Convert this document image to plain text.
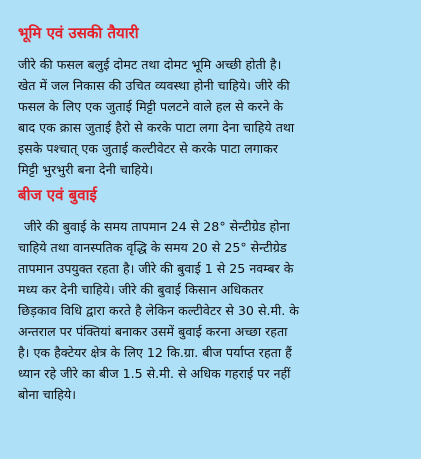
भूमि एवं उसकी तैयारी

जीरे की फसल बलुई दोमट तथा दोमट भूमि अच्छी होती है।
खेत में जल निकास की उचित व्यवस्था होनी चाहिये। जीरे की
फसल के लिए एक जुताई मिट्टी पलटने वाले हल से करने के
बाद एक क्रास जुताई हैरो से करके पाटा लगा देना चाहिये तथा
इसके पश्चात् एक जुताई कल्टीवेटर से करके पाटा लगाकर
मिट्टी भुरभुरी बना देनी चाहिये।

बीज एवं बुवाई

जीरे की बुवाई के समय तापमान 24 से 28° सेन्टीग्रेड होना
चाहिये तथा वानस्पतिक वृद्धि के समय 20 से 25° सेन्टीग्रेड
तापमान उपयुक्त रहता है। जीरे की बुवाई 1 से 25 नवम्बर के
मध्य कर देनी चाहिये। जीरे की बुवाई किसान अधिकतर
छिड़काव विधि द्वारा करते है लेकिन कल्टीवेटर से 30 से.मी. के
अन्तराल पर पंक्तियां बनाकर उसमें बुवाई करना अच्छा रहता
है। एक हैक्टेयर क्षेत्र के लिए 12 कि.ग्रा. बीज पर्याप्त रहता हैं
ध्यान रहे जीरे का बीज 1.5 से.मी. से अधिक गहराई पर नहीं
बोना चाहिये।
